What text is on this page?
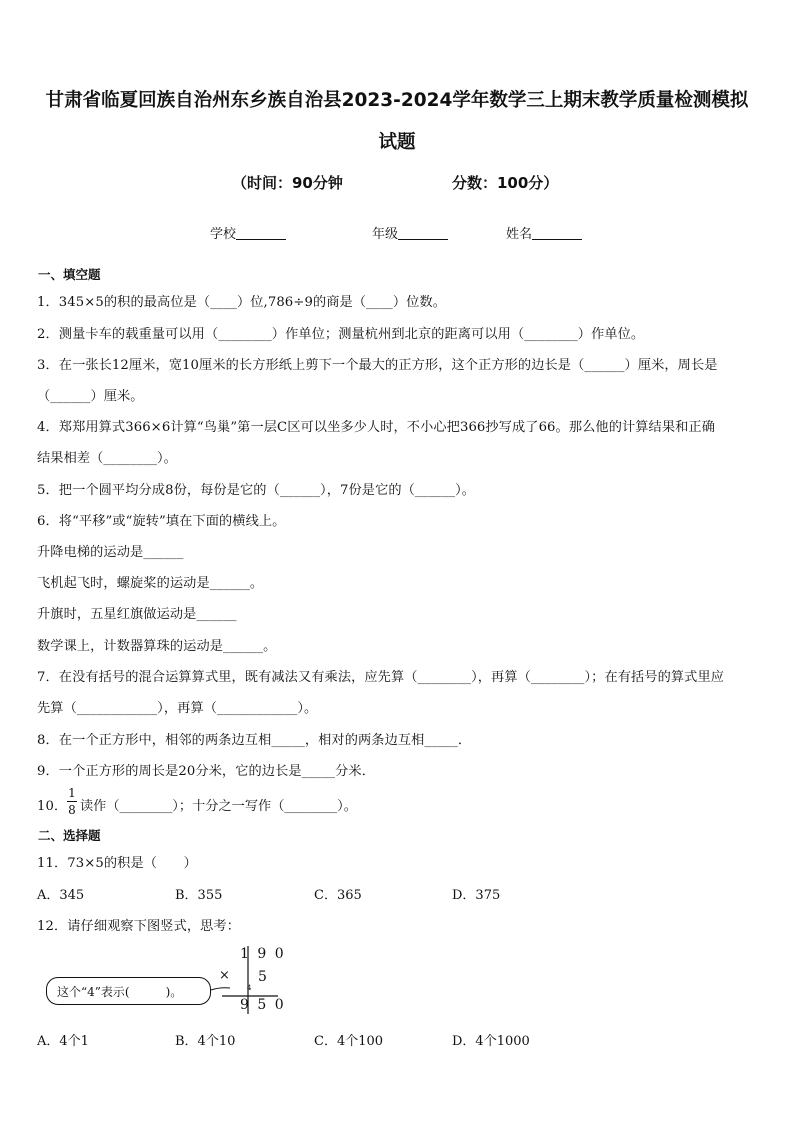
甘肃省临夏回族自治州东乡族自治县2023-2024学年数学三上期末教学质量检测模拟
试题
（时间：90分钟	分数：100分）
学校	年级	姓名
一、填空题
1．345×5的积的最高位是（____）位,786÷9的商是（____）位数。
2．测量卡车的载重量可以用（________）作单位；测量杭州到北京的距离可以用（________）作单位。
3．在一张长12厘米，宽10厘米的长方形纸上剪下一个最大的正方形，这个正方形的边长是（______）厘米，周长是
（______）厘米。
4．郑郑用算式366×6计算“鸟巢”第一层C区可以坐多少人时，不小心把366抄写成了66。那么他的计算结果和正确
结果相差（________）。
5．把一个圆平均分成8份，每份是它的（______），7份是它的（______）。
6．将“平移”或“旋转”填在下面的横线上。
升降电梯的运动是______
飞机起飞时，螺旋桨的运动是______。
升旗时，五星红旗做运动是______
数学课上，计数器算珠的运动是______。
7．在没有括号的混合运算算式里，既有减法又有乘法，应先算（________），再算（________）；在有括号的算式里应
先算（____________），再算（____________）。
8．在一个正方形中，相邻的两条边互相_____，相对的两条边互相_____．
9．一个正方形的周长是20分米，它的边长是_____分米．
10．
1
8 读作（________）；十分之一写作（________）。
二、选择题
11．73×5的积是（　　）
A．345	B．355	C．365	D．375
12．请仔细观察下图竖式，思考：
1 9 0
× 5
4
9 5 0
这个“4”表示(　　　)。
A．4个1	B．4个10	C．4个100	D．4个1000
